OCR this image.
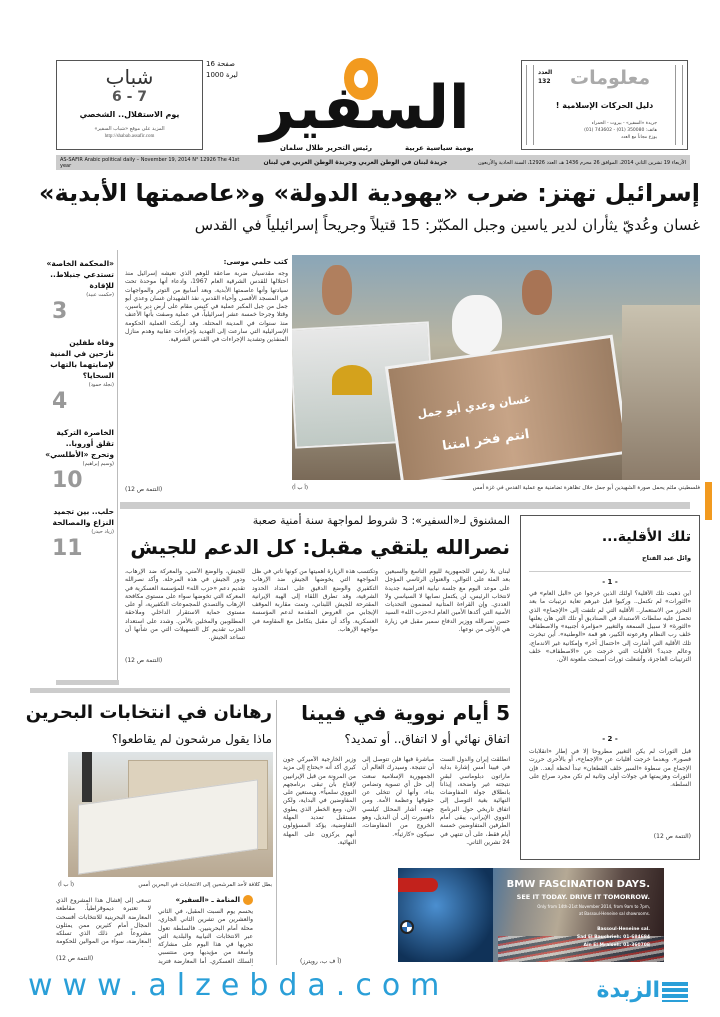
معلومات
العدد
132
دليل الحركات الإسلامية !
جريدة «السفير» - بيروت - الحمراء
هاتف: 350080 (01) - 743602 (01)
يوزع مجاناً مع العدد
السفير
16 صفحة
1000 ليرة
يومية سياسية عربية
رئيس التحرير طلال سلمان
شباب
6 - 7
يوم الاستقلال.. الشخصي
المزيد على موقع «شباب السفير»
http://shabab.assafir.com
AS-SAFIR Arabic political daily – November 19, 2014 N° 12926 The 41st year	جريدة لبنان في الوطن العربي وجريدة الوطن العربي في لبنان	الأربعاء 19 تشرين الثاني 2014، الموافق 26 محرم 1436 هـ، العدد 12926، السنة الحادية والأربعون
إسرائيل تهتز: ضرب «يهودية الدولة» و«عاصمتها الأبدية»
غسان وعُديّ يثأران لدير ياسين وجبل المكبّر: 15 قتيلاً وجريحاً إسرائيلياً في القدس
«المحكمة الخاصة» تستدعي جنبلاط.. للإفادة
(حكمت عبيد)
3
وفاة طفلين نازحين في المنية لإصابتهما بالتهاب السحايا؟
(نجلة حمود)
4
الخاصرة التركية تقلق أوروبا.. وتحرج «الأطلسي»
(وسيم إبراهيم)
10
حلب.. بين تجميد النزاع والمصالحة
(زياد حيدر)
11
كتب حلمي موسى:
وجه مقدسيان ضربة صاعقة للوهم الذي تعيشه إسرائيل منذ احتلالها للقدس الشرقية العام 1967، وادعاء أنها موحدة تحت سيادتها وأنها عاصمتها الأبدية. وبعد أسابيع من التوتر والمواجهات في المسجد الأقصى وأحياء القدس، نفذ الشهيدان غسان وعدي أبو جمل من جبل المكبر عملية في كنيس مقام على أرض دير ياسين، وقتلا وجرحا خمسة عشر إسرائيلياً، في عملية وصفت بأنها الأعنف منذ سنوات في المدينة المحتلة. وقد أربكت العملية الحكومة الإسرائيلية التي سارعت إلى التهديد بإجراءات عقابية وهدم منازل المنفذين وتشديد الإجراءات في القدس الشرقية.
(التتمة ص 12)
غسان وعدي أبو جمل
انتم فخر امتنا
فلسطيني ملثم يحمل صورة الشهيدين أبو جمل خلال تظاهرة تضامنية مع عملية القدس في غزة أمس
(أ ب أ)
المشنوق لـ«السفير»: 3 شروط لمواجهة سنة أمنية صعبة
نصرالله يلتقي مقبل: كل الدعم للجيش
لبنان بلا رئيس للجمهورية لليوم التاسع والسبعين بعد المئة على التوالي. والعنوان الرئاسي المؤجل على موعد اليوم مع جلسة نيابية افتراضية جديدة لانتخاب الرئيس، لن يكتمل نصابها لا السياسي ولا العددي. وإن القراءة المتأنية لمضمون التحديات الأمنية التي أكدها الأمين العام لـ«حزب الله» السيد حسن نصرالله ووزير الدفاع سمير مقبل في زيارة هي الأولى من نوعها.
وتكتسب هذه الزيارة أهميتها من كونها تأتي في ظل المواجهة التي يخوضها الجيش ضد الإرهاب التكفيري والوضع الدقيق على امتداد الحدود الشرقية، وقد تطرق اللقاء إلى الهبة الإيرانية المقترحة للجيش اللبناني، وتمت مقاربة الموقف الإيجابي من العروض المقدمة لدعم المؤسسة العسكرية. وأكد أن مقبل يتكامل مع المقاومة في مواجهة الإرهاب.
للجيش، والوضع الأمني، والمعركة ضد الإرهاب، ودور الجيش في هذه المرحلة. وأكد نصرالله تقديم دعم «حزب الله» للمؤسسة العسكرية في المعركة التي تخوضها سواء على مستوى مكافحة الإرهاب والتصدي للمجموعات التكفيرية، أو على مستوى حماية الاستقرار الداخلي وملاحقة المطلوبين والمخلين بالأمن. وشدد على استعداد الحزب تقديم كل التسهيلات التي من شأنها أن تساعد الجيش.
(التتمة ص 12)
تلك الأقلية...
وائل عبد الفتاح
- 1 -
أين ذهبت تلك الأقلية؟ أولئك الذين خرجوا عن «البل العام» في «الثورات» لم تكتمل.. وركبوا قبل غيرهم تعاية ترتيبات ما بعد التحرر من الاستعمار.. الأقلية التي لم تلتفت إلى «الإجماع» الذي تحصل عليه سلطات الاستبداد في الصناديق أو تلك التي هان يعلنها «الثورة» لا سبيل السمعة والتغيير «مؤامرة أجنبية» والاصطفاف خلف رب النظام وفرعونه الكبير، هو قمة «الوطنية». أين تبخرت تلك الأقلية التي أشارت إلى «احتمال آخر» وإمكانية غير الاندماج، وعالم جديد؟ الأقليات التي خرجت عن «الاصطفاف» خلف الترتيبات العاجزة، وأشعلت ثورات أصبحت ملعونة الآن.
- 2 -
قبل الثورات لم يكن التغيير مطروحاً إلا في إطار «انقلابات قصور». وبعدما خرجت أقليات عن «الإجماع»، أو بالأحرى حررت الإجماع من سطوة «السير خلف القطعان» تبدأ لحظة أبعد.. فإن الثورات وهزيمتها في جولات أولى وثانية لم تكن مجرد صراع على السلطة.
(التتمة ص 12)
رهانان في انتخابات البحرين
ماذا يقول مرشحون لم يقاطعوا؟
بطل كلافة لأحد المرشحين إلى الانتخابات في البحرين أمس
(أ ب أ)
المنامة ـ «السفير»
يحسم يوم السبت المقبل، في الثاني والعشرين من تشرين الثاني الجاري، محلة أمام البحرينيين. فالسلطة تعول عبر الانتخابات النيابية والبلدية التي تجريها في هذا اليوم على مشاركة واسعة من مؤيديها ومن منتسبي السلك العسكري. أما المعارضة فتريد
تسعى إلى إفشال هذا المشروع الذي لا تعتبره ديموقراطياً. مقاطعة المعارضة البحرينية للانتخابات أفسحت المجال أمام كثيرين ممن يمثلون مشروعاً غير ذلك الذي تسلكه المعارضة، سواء من الموالين للحكومة
(التتمة ص 12)
5 أيام نووية في فيينا
اتفاق نهائي أو لا اتفاق.. أو تمديد؟
انطلقت إيران والدول الست في فيينا أمس إشارة بداية ماراتون دبلوماسي لبقي نتيجته غير واضحة، إيذاناً بانطلاق جولة المفاوضات النهائية بغية التوصل إلى اتفاق تاريخي حول البرنامج النووي الإيراني، يبقى أمام الطرفين المتفاوضين خمسة أيام فقط، على أن تنتهي في 24 تشرين الثاني.
مباشرة فيها فلن تتوصل إلى أن تنتيجة. وسيدرك العالم أن الجمهورية الإسلامية سعت إلى حل أي تسوية وتضامن بناء، وأنها لن تتخلى عن حقوقها وعظمة الأمة. ومن جهته، أشار المحلل كيلسي دافنبورت إلى أن البديل، وهو الخروج من المفاوضات، سيكون «كارثياً».
وزير الخارجية الأميركي جون كيري أكد أنه «يحتاج إلى مزيد من المرونة من قبل الإيرانيين لإقناع بأن تبقى برنامجهم النووي سلمياً». ويستعين على المفاوضين في البداية، ولكن الآن، ومع الخطر الذي يطوي مستقبل تمديد المهلة التفاوضية، يؤكد المسؤولون أنهم يركزون على المهلة النهائية.
(أ ف ب، رويترز)
BMW FASCINATION DAYS.
SEE IT TODAY. DRIVE IT TOMORROW.
Only from 14th-21st November 2014, from 9am to 7pm,
at Bassoul-Heneine sal showrooms.
Bassoul-Heneine sal.
Sad El Bauchrieh: 01-684684
Ain El Mraiseh: 01-360708
www.alzebda.com	الزبدة
